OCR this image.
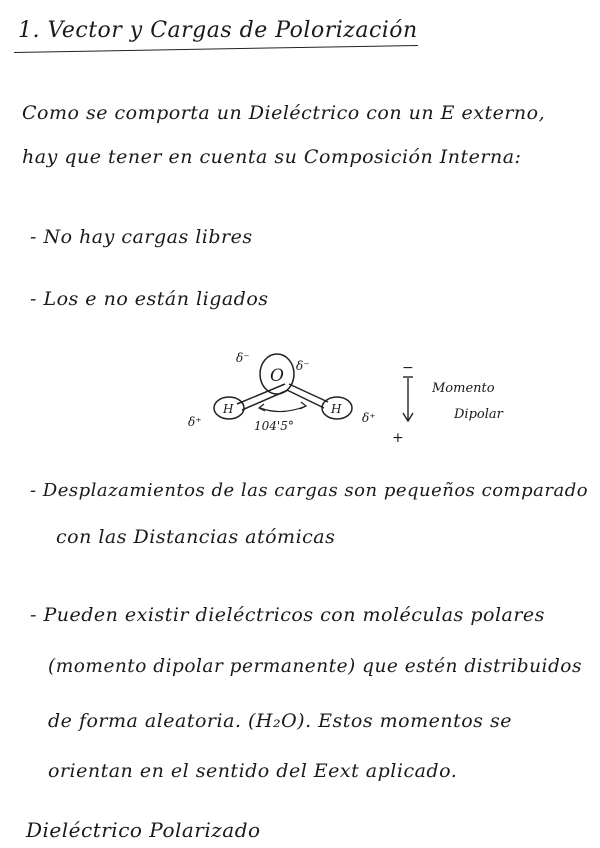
1. Vector y Cargas de Polorización
Como se comporta un Dieléctrico con un E externo,
hay que tener en cuenta su Composición Interna:
- No hay cargas libres
- Los e no están ligados
O
H	H
δ⁻
δ⁻
δ⁺	δ⁺
104'5°
−
+
Momento
Dipolar
- Desplazamientos de las cargas son pequeños comparado
con las Distancias atómicas
- Pueden existir dieléctricos con moléculas polares
(momento dipolar permanente) que estén distribuidos
de forma aleatoria. (H₂O). Estos momentos se
orientan en el sentido del Eext aplicado.
Dieléctrico Polarizado
